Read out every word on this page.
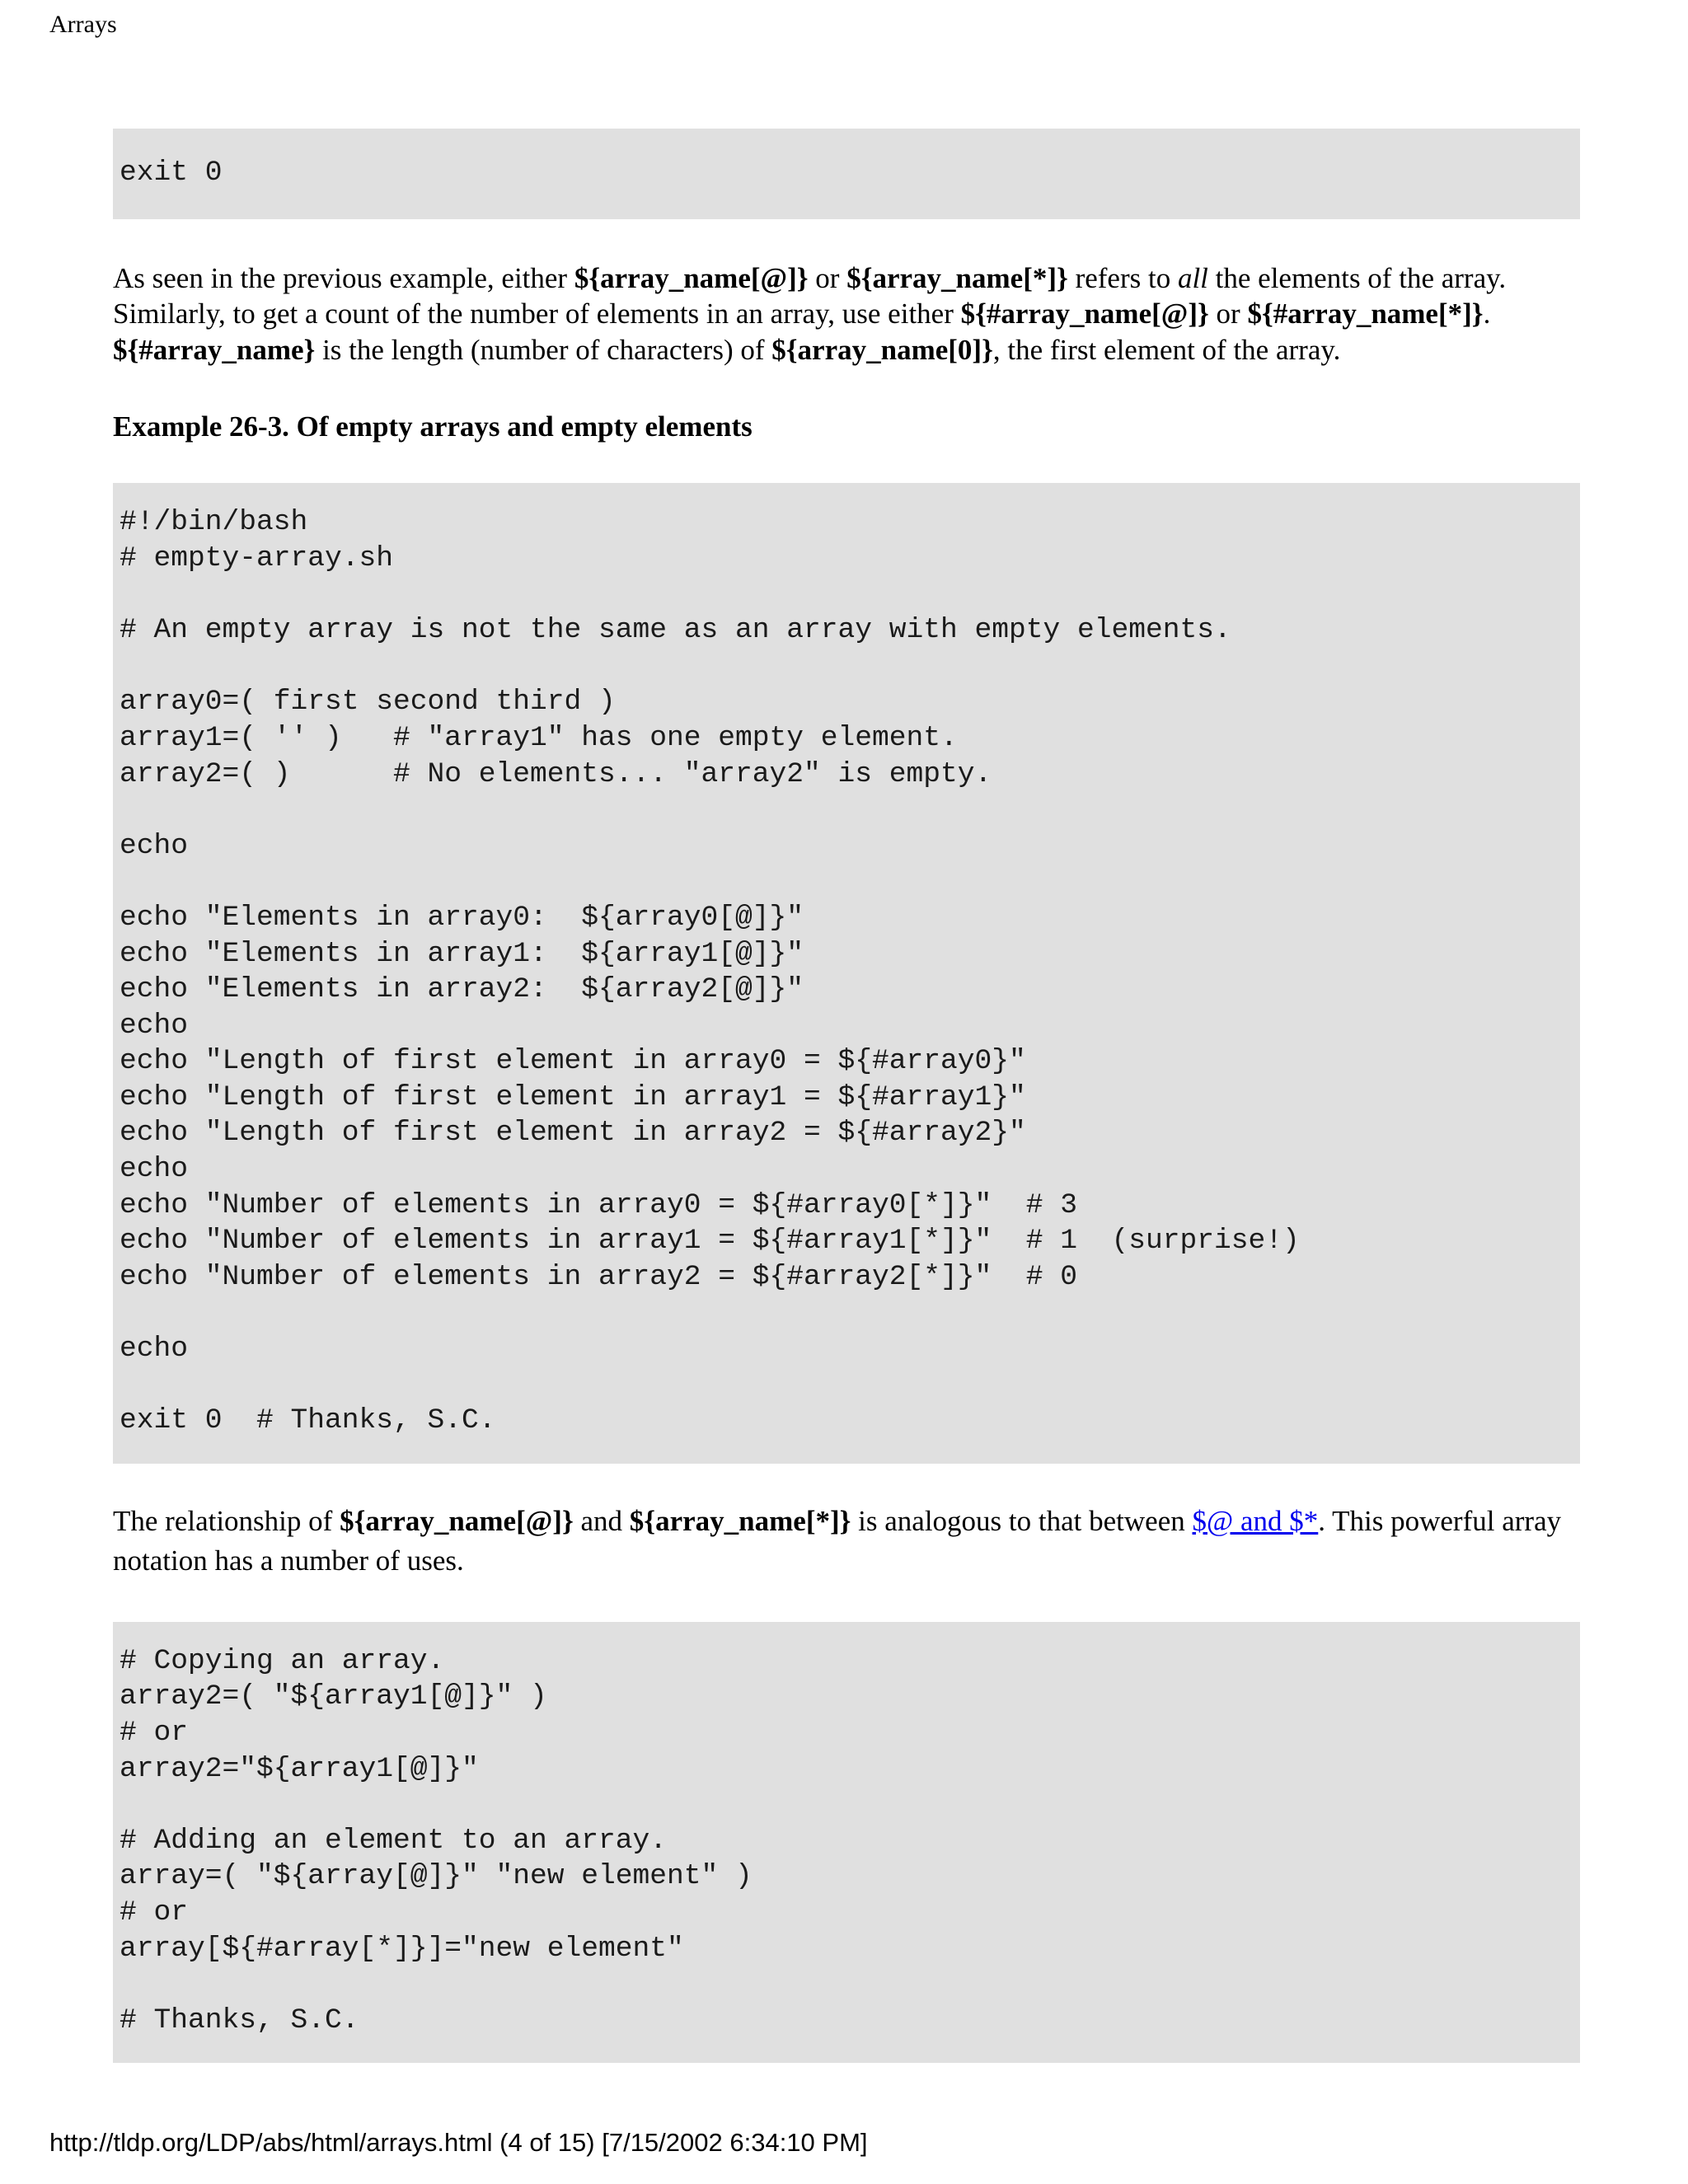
Arrays
exit 0

As seen in the previous example, either ${array_name[@]} or ${array_name[*]} refers to all the elements of the array. Similarly, to get a count of the number of elements in an array, use either ${#array_name[@]} or ${#array_name[*]}. ${#array_name} is the length (number of characters) of ${array_name[0]}, the first element of the array.

Example 26-3. Of empty arrays and empty elements

#!/bin/bash
# empty-array.sh

# An empty array is not the same as an array with empty elements.

array0=( first second third )
array1=( '' )   # "array1" has one empty element.
array2=( )      # No elements... "array2" is empty.

echo

echo "Elements in array0:  ${array0[@]}"
echo "Elements in array1:  ${array1[@]}"
echo "Elements in array2:  ${array2[@]}"
echo
echo "Length of first element in array0 = ${#array0}"
echo "Length of first element in array1 = ${#array1}"
echo "Length of first element in array2 = ${#array2}"
echo
echo "Number of elements in array0 = ${#array0[*]}"  # 3
echo "Number of elements in array1 = ${#array1[*]}"  # 1  (surprise!)
echo "Number of elements in array2 = ${#array2[*]}"  # 0

echo

exit 0  # Thanks, S.C.

The relationship of ${array_name[@]} and ${array_name[*]} is analogous to that between $@ and $*. This powerful array notation has a number of uses.

# Copying an array.
array2=( "${array1[@]}" )
# or
array2="${array1[@]}"

# Adding an element to an array.
array=( "${array[@]}" "new element" )
# or
array[${#array[*]}]="new element"

# Thanks, S.C.
http://tldp.org/LDP/abs/html/arrays.html (4 of 15) [7/15/2002 6:34:10 PM]
